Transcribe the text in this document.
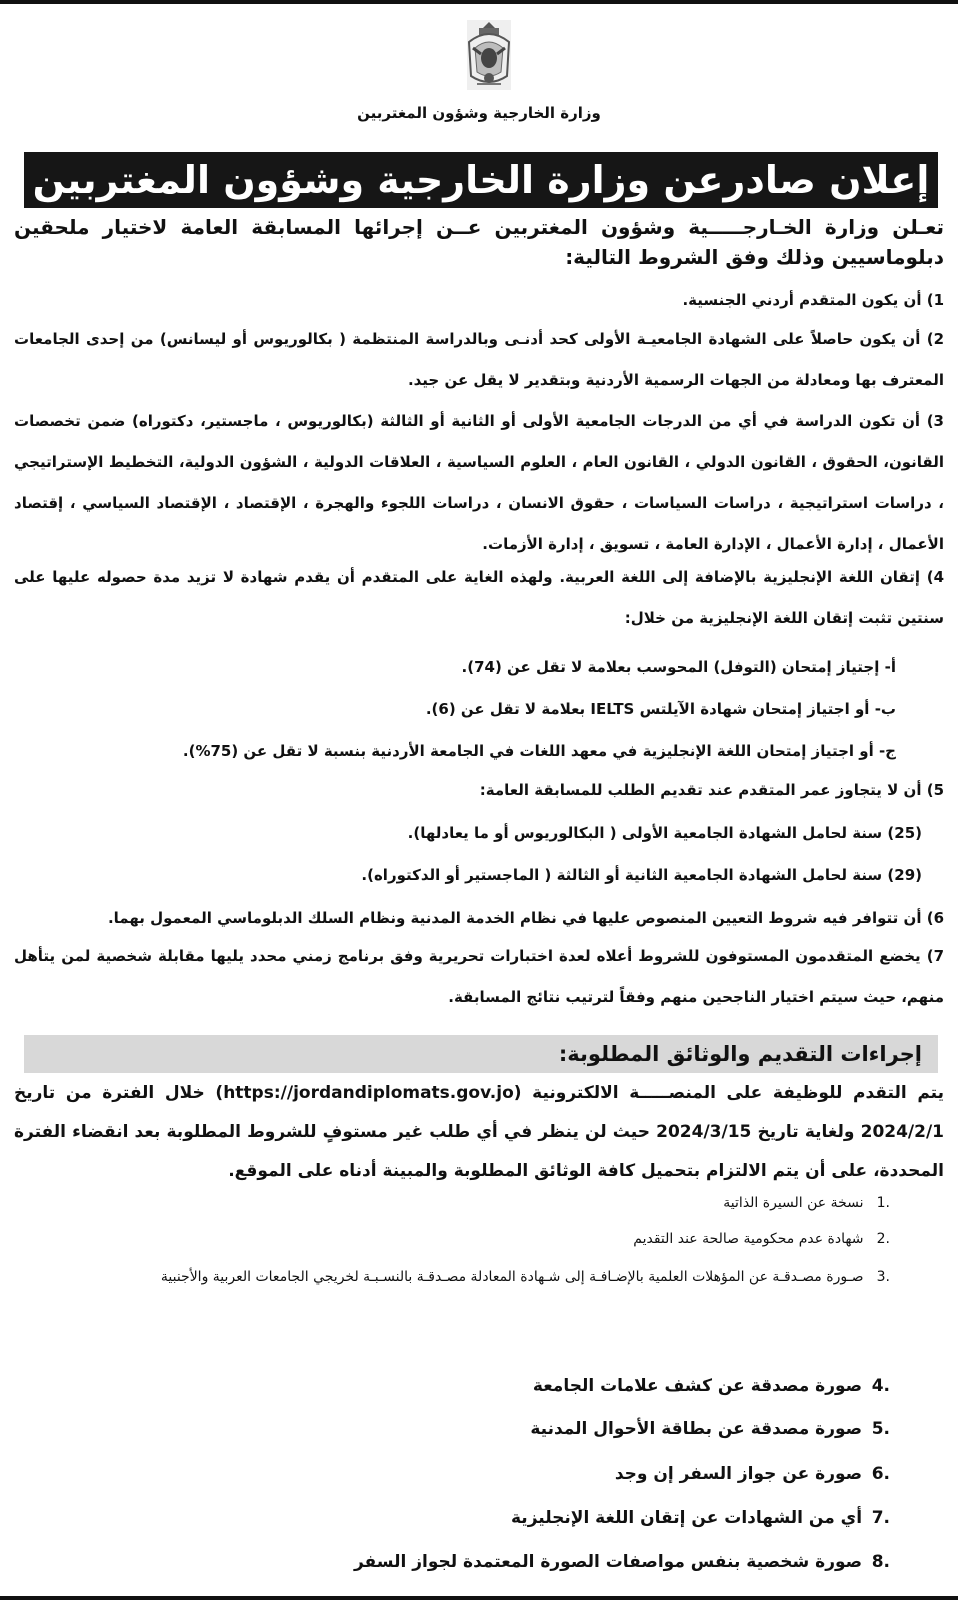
وزارة الخارجية وشؤون المغتربين
إعلان صادرعن وزارة الخارجية وشؤون المغتربين
تعـلن وزارة الخـارجـــــية وشؤون المغتربين عــن إجرائها المسابقة العامة لاختيار ملحقين دبلوماسيين وذلك وفق الشروط التالية:
1) أن يكون المتقدم أردني الجنسية.
2) أن يكون حاصلاً على الشهادة الجامعيـة الأولى كحد أدنـى وبالدراسة المنتظمة ( بكالوريوس أو ليسانس) من إحدى الجامعات المعترف بها ومعادلة من الجهات الرسمية الأردنية وبتقدير لا يقل عن جيد.
3) أن تكون الدراسة في أي من الدرجات الجامعية الأولى أو الثانية أو الثالثة (بكالوريوس ، ماجستير، دكتوراه) ضمن تخصصات القانون، الحقوق ، القانون الدولي ، القانون العام ، العلوم السياسية ، العلاقات الدولية ، الشؤون الدولية، التخطيط الإستراتيجي ، دراسات استراتيجية ، دراسات السياسات ، حقوق الانسان ، دراسات اللجوء والهجرة ، الإقتصاد ، الإقتصاد السياسي ، إقتصاد الأعمال ، إدارة الأعمال ، الإدارة العامة ، تسويق ، إدارة الأزمات.
4) إتقان اللغة الإنجليزية بالإضافة إلى اللغة العربية. ولهذه الغاية على المتقدم أن يقدم شهادة لا تزيد مدة حصوله عليها على سنتين تثبت إتقان اللغة الإنجليزية من خلال:
أ- إجتياز إمتحان (التوفل) المحوسب بعلامة لا تقل عن (74).
ب- أو اجتياز إمتحان شهادة الآيلتس IELTS بعلامة لا تقل عن (6).
ج- أو اجتياز إمتحان اللغة الإنجليزية في معهد اللغات في الجامعة الأردنية بنسبة لا تقل عن (75%).
5) أن لا يتجاوز عمر المتقدم عند تقديم الطلب للمسابقة العامة:
(25) سنة لحامل الشهادة الجامعية الأولى ( البكالوريوس أو ما يعادلها).
(29) سنة لحامل الشهادة الجامعية الثانية أو الثالثة ( الماجستير أو الدكتوراه).
6) أن تتوافر فيه شروط التعيين المنصوص عليها في نظام الخدمة المدنية ونظام السلك الدبلوماسي المعمول بهما.
7) يخضع المتقدمون المستوفون للشروط أعلاه لعدة اختبارات تحريرية وفق برنامج زمني محدد يليها مقابلة شخصية لمن يتأهل منهم، حيث سيتم اختيار الناجحين منهم وفقاً لترتيب نتائج المسابقة.
إجراءات التقديم والوثائق المطلوبة:
يتم التقدم للوظيفة على المنصـــــة الالكترونية (https://jordandiplomats.gov.jo) خلال الفترة من تاريخ 2024/2/1 ولغاية تاريخ 2024/3/15 حيث لن ينظر في أي طلب غير مستوفٍ للشروط المطلوبة بعد انقضاء الفترة المحددة، على أن يتم الالتزام بتحميل كافة الوثائق المطلوبة والمبينة أدناه على الموقع.
.1 نسخة عن السيرة الذاتية
.2 شهادة عدم محكومية صالحة عند التقديم
.3 صـورة مصـدقـة عن المؤهلات العلمية بالإضـافـة إلى شـهادة المعادلة مصـدقـة بالنسـبـة لخريجي الجامعات العربية والأجنبية
.4 صورة مصدقة عن كشف علامات الجامعة
.5 صورة مصدقة عن بطاقة الأحوال المدنية
.6 صورة عن جواز السفر إن وجد
.7 أي من الشهادات عن إتقان اللغة الإنجليزية
.8 صورة شخصية بنفس مواصفات الصورة المعتمدة لجواز السفر
